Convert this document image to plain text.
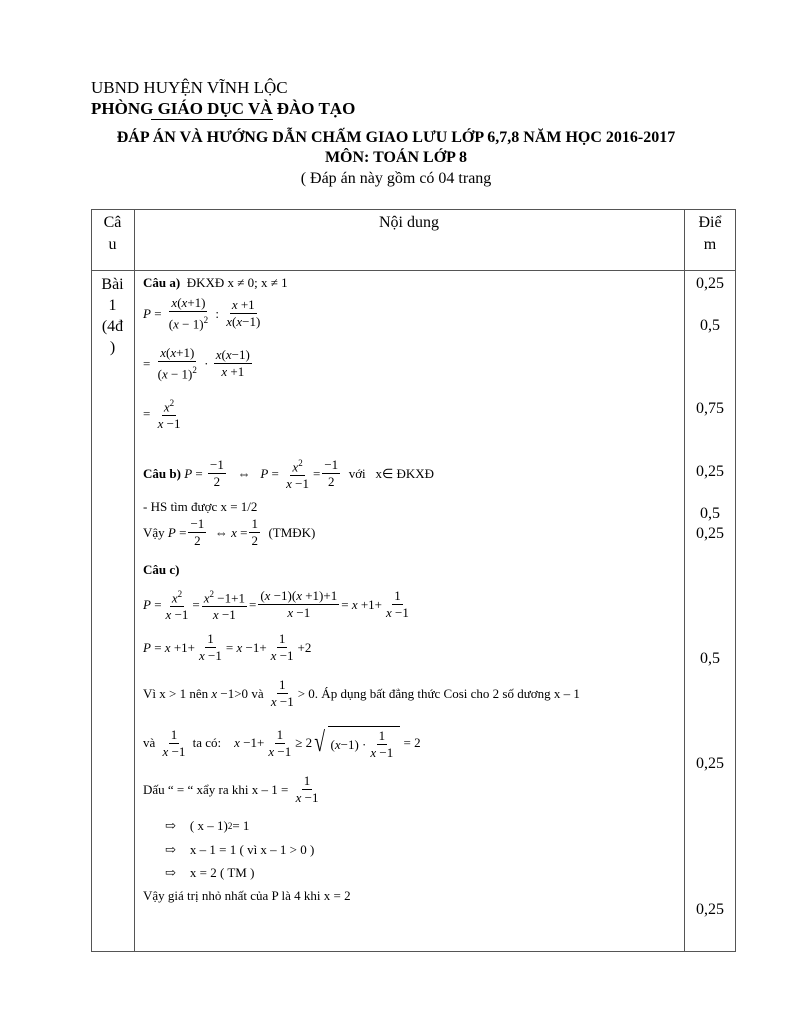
UBND HUYỆN VĨNH LỘC
PHÒNG GIÁO DỤC VÀ ĐÀO TẠO
ĐÁP ÁN VÀ HƯỚNG DẪN CHẤM GIAO LƯU LỚP 6,7,8 NĂM HỌC 2016-2017
MÔN: TOÁN LỚP 8
( Đáp án này gồm có 04 trang
Câ
u
Nội dung	Điể
m
Bài
1
(4đ
)
Câu a) ĐKXĐ x ≠ 0; x ≠ 1
$P = \frac{x(x+1)}{(x - 1)^2}$ : $\frac{x +1}{x(x-1)}$
= $\frac{x(x+1)}{(x - 1)^2} \cdot \frac{x(x-1)}{x +1}$
= $\frac{x^2}{x -1}$
Câu b)
$P = \frac{-1}{2}$ ⇔ $P = \frac{x^2}{x -1} = \frac{-1}{2}$
với
x∈ ĐKXĐ
- HS tìm được x = 1/2
Vậy
$P = \frac{-1}{2}$ ⇔ $x = \frac{1}{2}$
(TMĐK)
Câu c)
$P = \frac{x^2}{x -1} = \frac{x^2 -1+1}{x -1} = \frac{(x -1)(x +1)+1}{x -1} = x +1+ \frac{1}{x -1}$
$P = x +1+ \frac{1}{x -1} = x -1+ \frac{1}{x -1} +2$
Vì x > 1 nên
x −1>0 và
$\frac{1}{x -1} > 0$. Áp dụng bất đẳng thức Cosi cho 2 số dương x – 1
và
$\frac{1}{x -1}$
ta có:
$x -1+ \frac{1}{x -1} \ge 2$ √ ( $x -1) \cdot \frac{1}{x -1} = 2$
Dấu “ = “ xẩy ra khi x – 1 =
$\frac{1}{x -1}$
⇨ ( x – 1) 2 = 1
⇨ x – 1 = 1 ( vì x – 1 > 0 )
⇨ x = 2 ( TM )
Vậy giá trị nhỏ nhất của P là 4 khi x = 2
0,25
0,5
0,75
0,25
0,5
0,25
0,5
0,25
0,25
